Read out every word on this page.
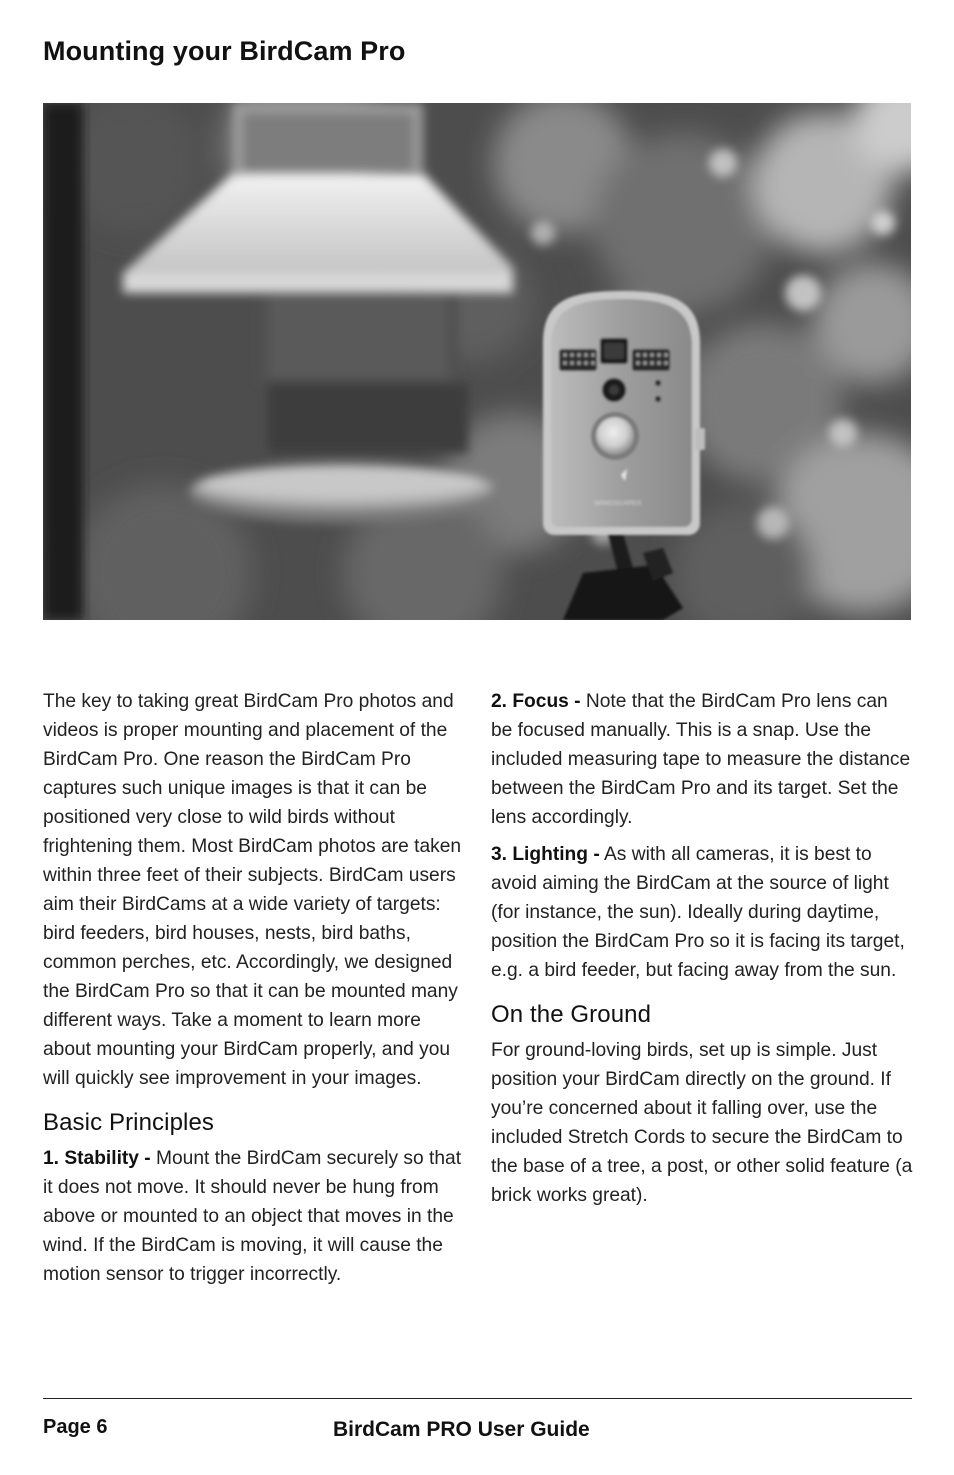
Mounting your BirdCam Pro
WINGSCAPES

The key to taking great BirdCam Pro photos and videos is proper mounting and placement of the BirdCam Pro. One reason the BirdCam Pro captures such unique images is that it can be positioned very close to wild birds without frightening them. Most BirdCam photos are taken within three feet of their subjects. BirdCam users aim their BirdCams at a wide variety of targets: bird feeders, bird houses, nests, bird baths, common perches, etc. Accordingly, we designed the BirdCam Pro so that it can be mounted many different ways. Take a moment to learn more about mounting your BirdCam properly, and you will quickly see improvement in your images.

Basic Principles

1. Stability - Mount the BirdCam securely so that it does not move. It should never be hung from above or mounted to an object that moves in the wind. If the BirdCam is moving, it will cause the motion sensor to trigger incorrectly.

2. Focus - Note that the BirdCam Pro lens can be focused manually. This is a snap. Use the included measuring tape to measure the distance between the BirdCam Pro and its target. Set the lens accordingly.

3. Lighting - As with all cameras, it is best to avoid aiming the BirdCam at the source of light (for instance, the sun). Ideally during daytime, position the BirdCam Pro so it is facing its target, e.g. a bird feeder, but facing away from the sun.

On the Ground

For ground-loving birds, set up is simple. Just position your BirdCam directly on the ground. If you’re concerned about it falling over, use the included Stretch Cords to secure the BirdCam to the base of a tree, a post, or other solid feature (a brick works great).

Page 6	BirdCam PRO User Guide
